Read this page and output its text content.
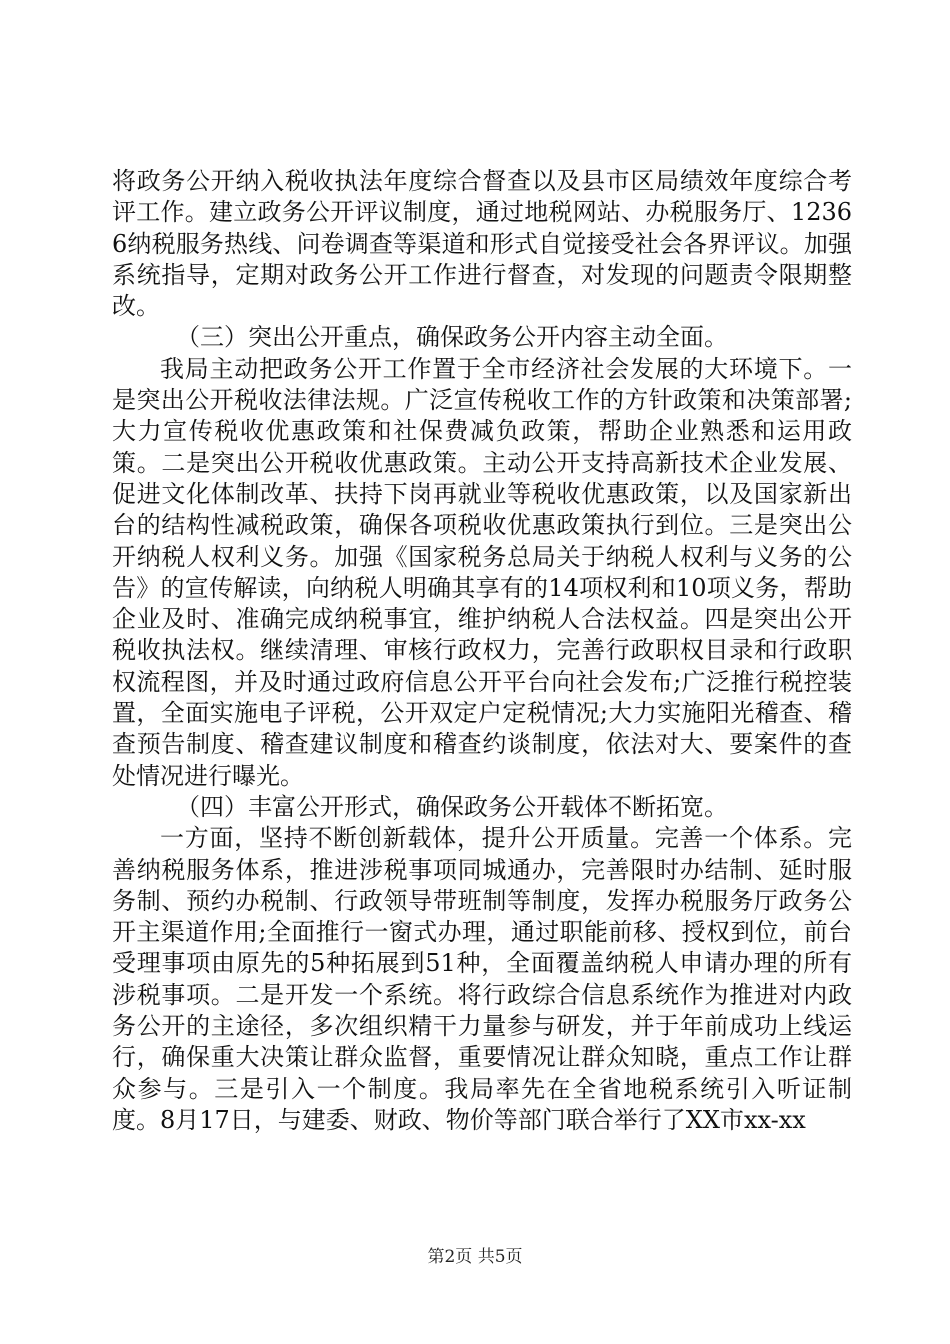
将政务公开纳入税收执法年度综合督查以及县市区局绩效年度综合考评工作。建立政务公开评议制度，通过地税网站、办税服务厅、12366纳税服务热线、问卷调查等渠道和形式自觉接受社会各界评议。加强系统指导，定期对政务公开工作进行督查，对发现的问题责令限期整改。

（三）突出公开重点，确保政务公开内容主动全面。

我局主动把政务公开工作置于全市经济社会发展的大环境下。一是突出公开税收法律法规。广泛宣传税收工作的方针政策和决策部署;大力宣传税收优惠政策和社保费减负政策，帮助企业熟悉和运用政策。二是突出公开税收优惠政策。主动公开支持高新技术企业发展、促进文化体制改革、扶持下岗再就业等税收优惠政策，以及国家新出台的结构性减税政策，确保各项税收优惠政策执行到位。三是突出公开纳税人权利义务。加强《国家税务总局关于纳税人权利与义务的公告》的宣传解读，向纳税人明确其享有的14项权利和10项义务，帮助企业及时、准确完成纳税事宜，维护纳税人合法权益。四是突出公开税收执法权。继续清理、审核行政权力，完善行政职权目录和行政职权流程图，并及时通过政府信息公开平台向社会发布;广泛推行税控装置，全面实施电子评税，公开双定户定税情况;大力实施阳光稽查、稽查预告制度、稽查建议制度和稽查约谈制度，依法对大、要案件的查处情况进行曝光。

（四）丰富公开形式，确保政务公开载体不断拓宽。

一方面，坚持不断创新载体，提升公开质量。完善一个体系。完善纳税服务体系，推进涉税事项同城通办，完善限时办结制、延时服务制、预约办税制、行政领导带班制等制度，发挥办税服务厅政务公开主渠道作用;全面推行一窗式办理，通过职能前移、授权到位，前台受理事项由原先的5种拓展到51种，全面覆盖纳税人申请办理的所有涉税事项。二是开发一个系统。将行政综合信息系统作为推进对内政务公开的主途径，多次组织精干力量参与研发，并于年前成功上线运行，确保重大决策让群众监督，重要情况让群众知晓，重点工作让群众参与。三是引入一个制度。我局率先在全省地税系统引入听证制度。8月17日，与建委、财政、物价等部门联合举行了XX市xx-xx

第2页 共5页
